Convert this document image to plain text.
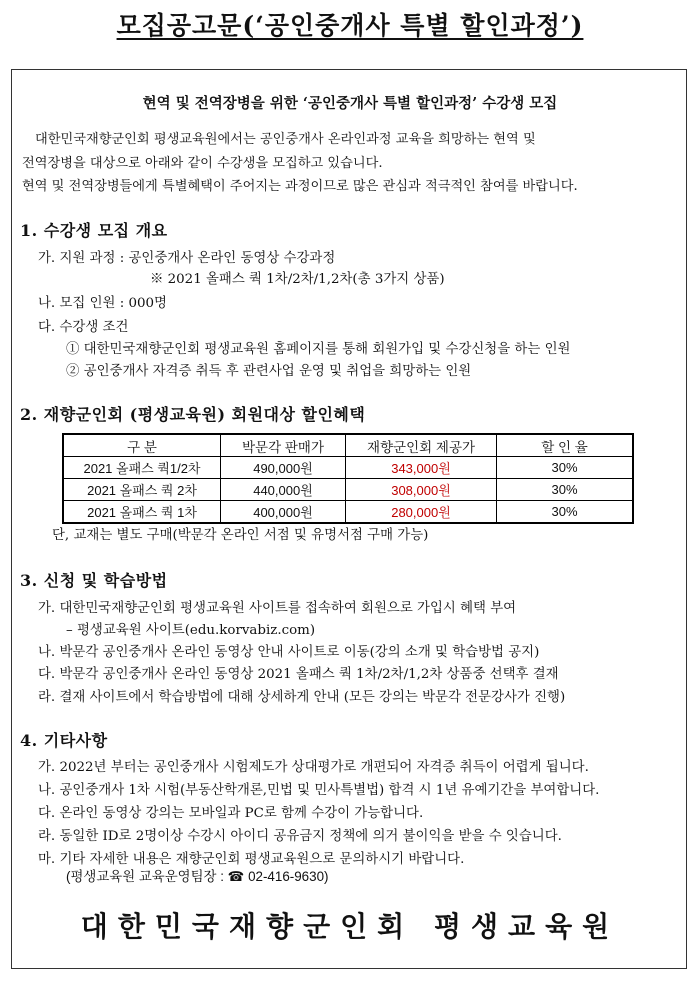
모집공고문(‘공인중개사 특별 할인과정’)
현역 및 전역장병을 위한 ‘공인중개사 특별 할인과정’ 수강생 모집
대한민국재향군인회 평생교육원에서는 공인중개사 온라인과정 교육을 희망하는 현역 및
전역장병을 대상으로 아래와 같이 수강생을 모집하고 있습니다.
현역 및 전역장병들에게 특별혜택이 주어지는 과정이므로 많은 관심과 적극적인 참여를 바랍니다.
1. 수강생 모집 개요
가. 지원 과정 : 공인중개사 온라인 동영상 수강과정
※ 2021 올패스 쿽 1차/2차/1,2차(총 3가지 상품)
나. 모집 인원 : 000명
다. 수강생 조건
① 대한민국재향군인회 평생교육원 홈페이지를 통해 회원가입 및 수강신청을 하는 인원
② 공인중개사 자격증 취득 후 관련사업 운영 및 취업을 희망하는 인원
2. 재향군인회 (평생교육원) 회원대상 할인혜택
구 분	박문각 판매가	재향군인회 제공가	할 인 율
2021 올패스 쿽1/2차	490,000원	343,000원	30%
2021 올패스 쿽 2차	440,000원	308,000원	30%
2021 올패스 쿽 1차	400,000원	280,000원	30%
단, 교재는 별도 구매(박문각 온라인 서점 및 유명서점 구매 가능)
3. 신청 및 학습방법
가. 대한민국재향군인회 평생교육원 사이트를 접속하여 회원으로 가입시 혜택 부여
– 평생교육원 사이트(edu.korvabiz.com)
나. 박문각 공인중개사 온라인 동영상 안내 사이트로 이동(강의 소개 및 학습방법 공지)
다. 박문각 공인중개사 온라인 동영상 2021 올패스 쿽 1차/2차/1,2차 상품중 선택후 결재
라. 결재 사이트에서 학습방법에 대해 상세하게 안내 (모든 강의는 박문각 전문강사가 진행)
4. 기타사항
가. 2022년 부터는 공인중개사 시험제도가 상대평가로 개편되어 자격증 취득이 어렵게 됩니다.
나. 공인중개사 1차 시험(부동산학개론,민법 및 민사특별법) 합격 시 1년 유예기간을 부여합니다.
다. 온라인 동영상 강의는 모바일과 PC로 함께 수강이 가능합니다.
라. 동일한 ID로 2명이상 수강시 아이디 공유금지 정책에 의거 불이익을 받을 수 잇습니다.
마. 기타 자세한 내용은 재향군인회 평생교육원으로 문의하시기 바랍니다.
(평생교육원 교육운영팀장 : ☎ 02-416-9630)
대한민국재향군인회 평생교육원
